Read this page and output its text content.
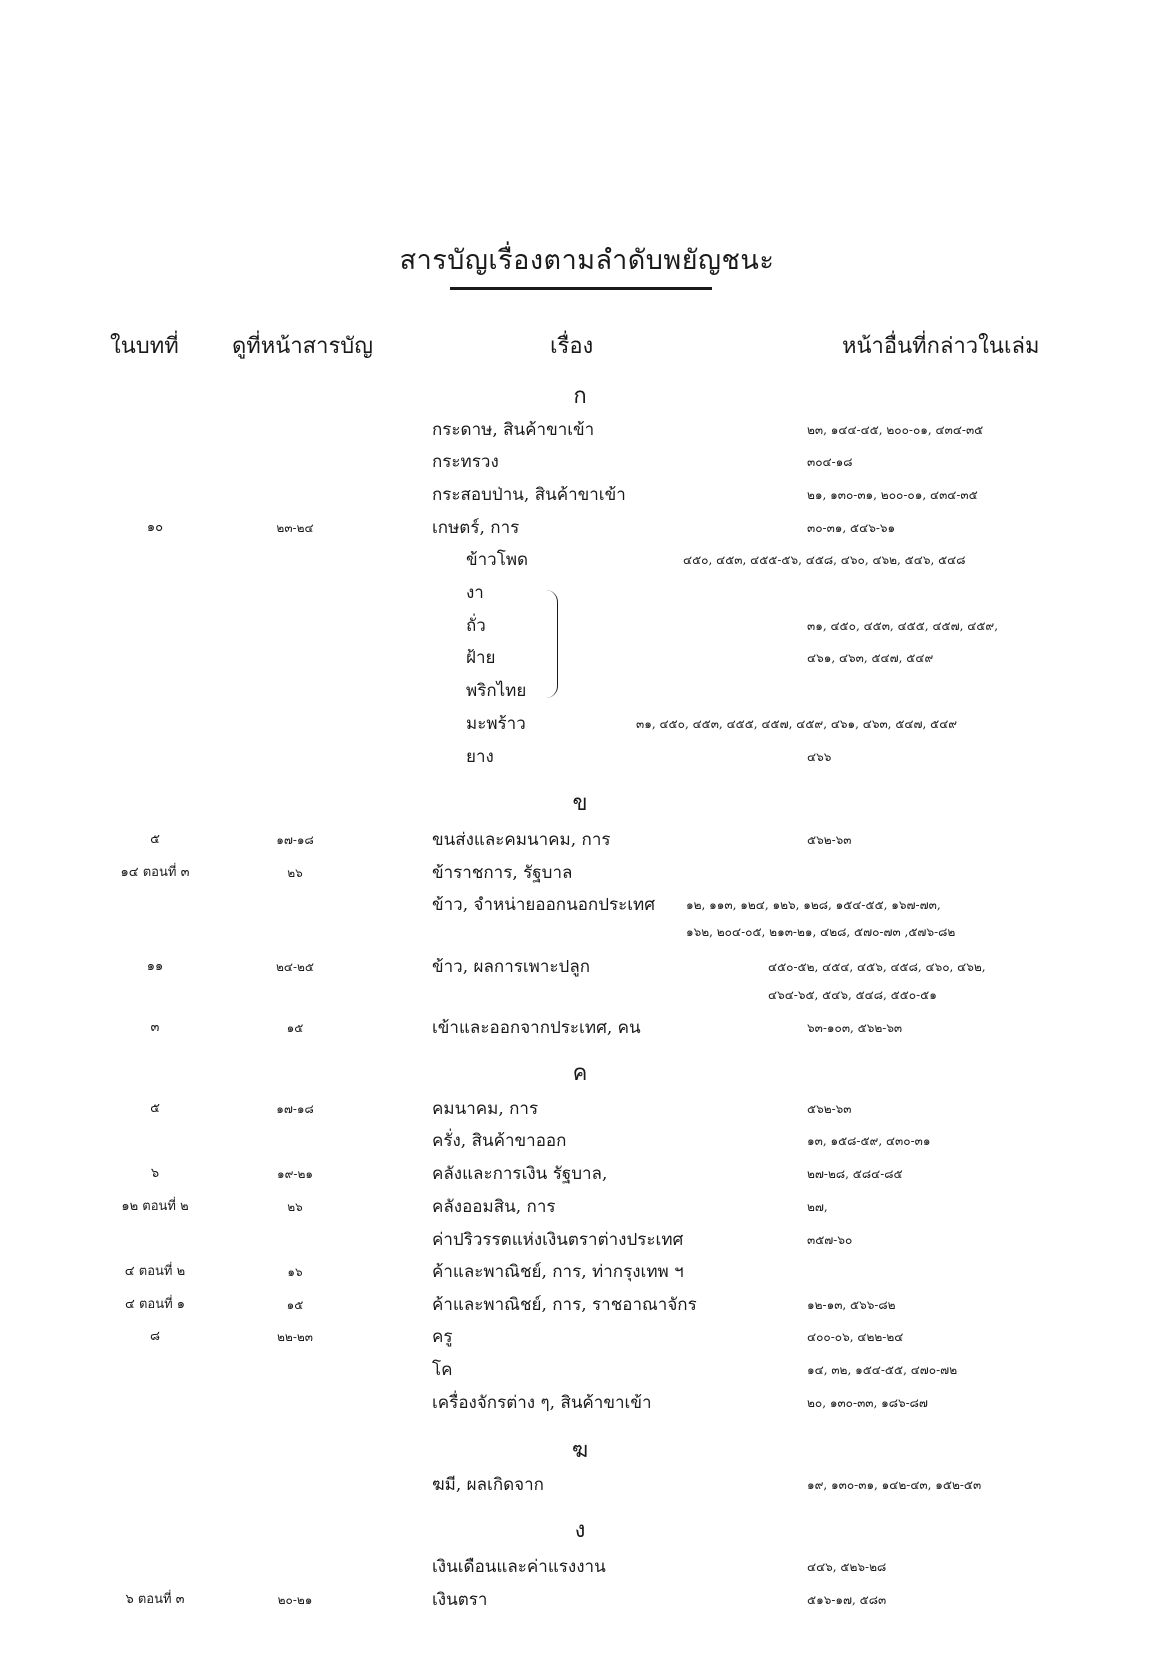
สารบัญเรื่องตามลำดับพยัญชนะ
ในบทที่ ดูที่หน้าสารบัญ	เรื่อง	หน้าอื่นที่กล่าวในเล่ม
ก
กระดาษ, สินค้าขาเข้า	๒๓, ๑๔๔-๔๕, ๒๐๐-๐๑, ๔๓๔-๓๕
กระทรวง	๓๐๔-๑๘
กระสอบป่าน, สินค้าขาเข้า	๒๑, ๑๓๐-๓๑, ๒๐๐-๐๑, ๔๓๔-๓๕
๑๐	๒๓-๒๔	เกษตร์, การ	๓๐-๓๑, ๕๔๖-๖๑
ข้าวโพด	๔๕๐, ๔๕๓, ๔๕๕-๕๖, ๔๕๘, ๔๖๐, ๔๖๒, ๕๔๖, ๕๔๘
งา
ถั่ว	๓๑, ๔๕๐, ๔๕๓, ๔๕๕, ๔๕๗, ๔๕๙,
ฝ้าย	๔๖๑, ๔๖๓, ๕๔๗, ๕๔๙
พริกไทย
มะพร้าว	๓๑, ๔๕๐, ๔๕๓, ๔๕๕, ๔๕๗, ๔๕๙, ๔๖๑, ๔๖๓, ๕๔๗, ๕๔๙
ยาง	๔๖๖
ข
๕	๑๗-๑๘	ขนส่งและคมนาคม, การ	๕๖๒-๖๓
๑๔ ตอนที่ ๓	๒๖	ข้าราชการ, รัฐบาล
ข้าว, จำหน่ายออกนอกประเทศ	๑๒, ๑๑๓, ๑๒๔, ๑๒๖, ๑๒๘, ๑๕๔-๕๕, ๑๖๗-๗๓,
๑๖๒, ๒๐๔-๐๕, ๒๑๓-๒๑, ๔๒๘, ๕๗๐-๗๓ ,๕๗๖-๘๒
๑๑	๒๔-๒๕	ข้าว, ผลการเพาะปลูก	๔๕๐-๕๒, ๔๕๔, ๔๕๖, ๔๕๘, ๔๖๐, ๔๖๒,
๔๖๔-๖๕, ๕๔๖, ๕๔๘, ๕๕๐-๕๑
๓	๑๕	เข้าและออกจากประเทศ, คน	๖๓-๑๐๓, ๕๖๒-๖๓
ค
๕	๑๗-๑๘	คมนาคม, การ	๕๖๒-๖๓
ครั่ง, สินค้าขาออก	๑๓, ๑๕๘-๕๙, ๔๓๐-๓๑
๖	๑๙-๒๑	คลังและการเงิน รัฐบาล,	๒๗-๒๘, ๕๘๔-๘๕
๑๒ ตอนที่ ๒	๒๖	คลังออมสิน, การ	๒๗,
ค่าปริวรรตแห่งเงินตราต่างประเทศ	๓๕๗-๖๐
๔ ตอนที่ ๒	๑๖	ค้าและพาณิชย์, การ, ท่ากรุงเทพ ฯ
๔ ตอนที่ ๑	๑๕	ค้าและพาณิชย์, การ, ราชอาณาจักร	๑๒-๑๓, ๕๖๖-๘๒
๘	๒๒-๒๓	ครู	๔๐๐-๐๖, ๔๒๒-๒๔
โค	๑๔, ๓๒, ๑๕๔-๕๕, ๔๗๐-๗๒
เครื่องจักรต่าง ๆ, สินค้าขาเข้า	๒๐, ๑๓๐-๓๓, ๑๘๖-๘๗
ฆ
ฆมี, ผลเกิดจาก	๑๙, ๑๓๐-๓๑, ๑๔๒-๔๓, ๑๕๒-๕๓
ง
เงินเดือนและค่าแรงงาน	๔๔๖, ๕๒๖-๒๘
๖ ตอนที่ ๓	๒๐-๒๑	เงินตรา	๕๑๖-๑๗, ๕๘๓
